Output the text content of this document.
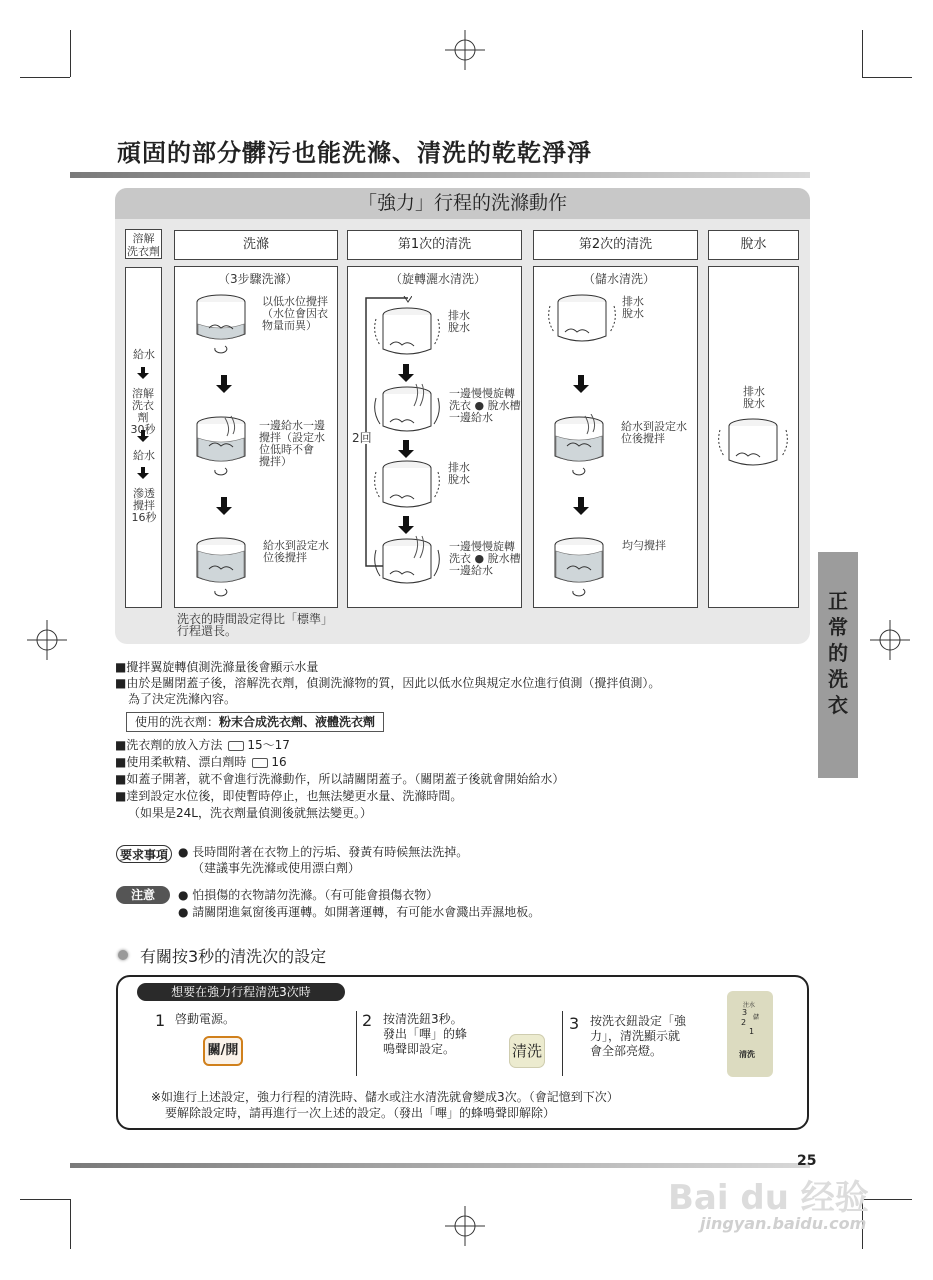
頑固的部分髒污也能洗滌、清洗的乾乾淨淨
「強力」行程的洗滌動作
溶解
洗衣劑	洗滌	第1次的清洗	第2次的清洗	脫水
給水
溶解
洗衣劑
30秒
給水
滲透
攪拌
16秒
（3步驟洗滌）
以低水位攪拌
（水位會因衣
物量而異）
一邊給水一邊
攪拌（設定水
位低時不會
攪拌）
給水到設定水
位後攪拌
（旋轉灑水清洗）
2回
排水
脫水
一邊慢慢旋轉
洗衣 ● 脫水槽
一邊給水
排水
脫水
一邊慢慢旋轉
洗衣 ● 脫水槽
一邊給水
（儲水清洗）
排水
脫水
給水到設定水
位後攪拌
均勻攪拌
排水
脫水
洗衣的時間設定得比「標準」
行程還長。
正
常
的
洗
衣
■攪拌翼旋轉偵測洗滌量後會顯示水量
■由於是關閉蓋子後，溶解洗衣劑，偵測洗滌物的質，因此以低水位與規定水位進行偵測（攪拌偵測）。
為了決定洗滌內容。
使用的洗衣劑：粉末合成洗衣劑、液體洗衣劑
■洗衣劑的放入方法 15～17
■使用柔軟精、漂白劑時 16
■如蓋子開著，就不會進行洗滌動作，所以請關閉蓋子。（關閉蓋子後就會開始給水）
■達到設定水位後，即使暫時停止，也無法變更水量、洗滌時間。
（如果是24L，洗衣劑量偵測後就無法變更。）
要求事項 ● 長時間附著在衣物上的污垢、發黃有時候無法洗掉。
（建議事先洗滌或使用漂白劑）
注意	● 怕損傷的衣物請勿洗滌。（有可能會損傷衣物）
● 請關閉進氣窗後再運轉。如開著運轉，有可能水會濺出弄濕地板。
有關按3秒的清洗次的設定
想要在強力行程清洗3次時
1 啓動電源。
關/開
2 按清洗鈕3秒。
發出「嗶」的蜂
鳴聲即設定。	清洗
3 按洗衣鈕設定「強
力」，清洗顯示就
會全部亮燈。
注水
3
儲
2
1
清洗
※如進行上述設定，強力行程的清洗時、儲水或注水清洗就會變成3次。（會記憶到下次）
要解除設定時，請再進行一次上述的設定。（發出「嗶」的蜂鳴聲即解除）
25
Bai du 经验
jingyan.baidu.com
